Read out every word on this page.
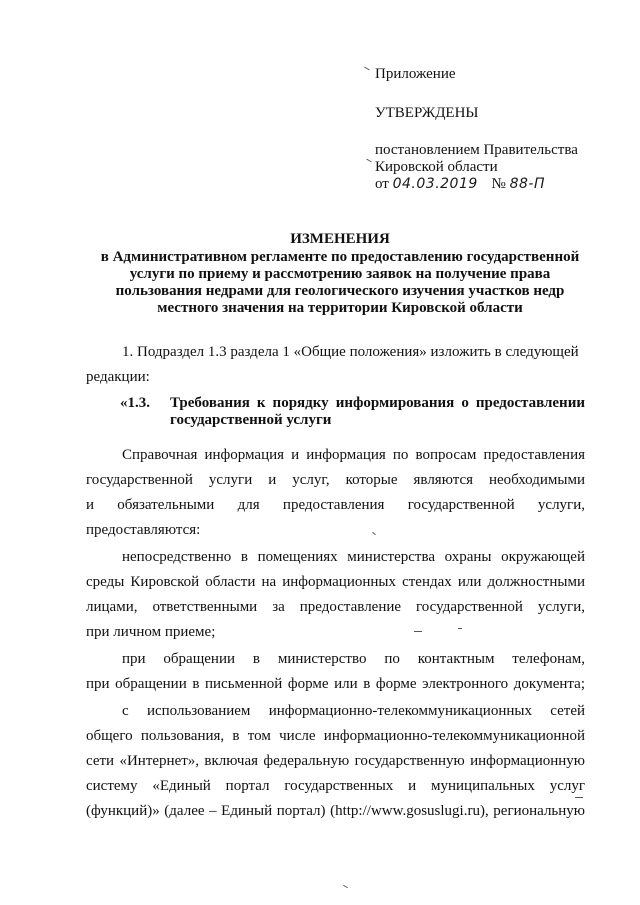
Приложение
УТВЕРЖДЕНЫ
постановлением Правительства
Кировской области
от 04.03.2019 № 88-П
ИЗМЕНЕНИЯ
в Административном регламенте по предоставлению государственной
услуги по приему и рассмотрению заявок на получение права
пользования недрами для геологического изучения участков недр
местного значения на территории Кировской области
1. Подраздел 1.3 раздела 1 «Общие положения» изложить в следующей
редакции:
«1.3. Требования к порядку информирования о предоставлении
государственной услуги
Справочная информация и информация по вопросам предоставления
государственной услуги и услуг, которые являются необходимыми
и обязательными для предоставления государственной услуги,
предоставляются:
непосредственно в помещениях министерства охраны окружающей
среды Кировской области на информационных стендах или должностными
лицами, ответственными за предоставление государственной услуги,
при личном приеме;
при обращении в министерство по контактным телефонам,
при обращении в письменной форме или в форме электронного документа;
с использованием информационно-телекоммуникационных сетей
общего пользования, в том числе информационно-телекоммуникационной
сети «Интернет», включая федеральную государственную информационную
систему «Единый портал государственных и муниципальных услуг
(функций)» (далее – Единый портал) (http://www.gosuslugi.ru), региональную
